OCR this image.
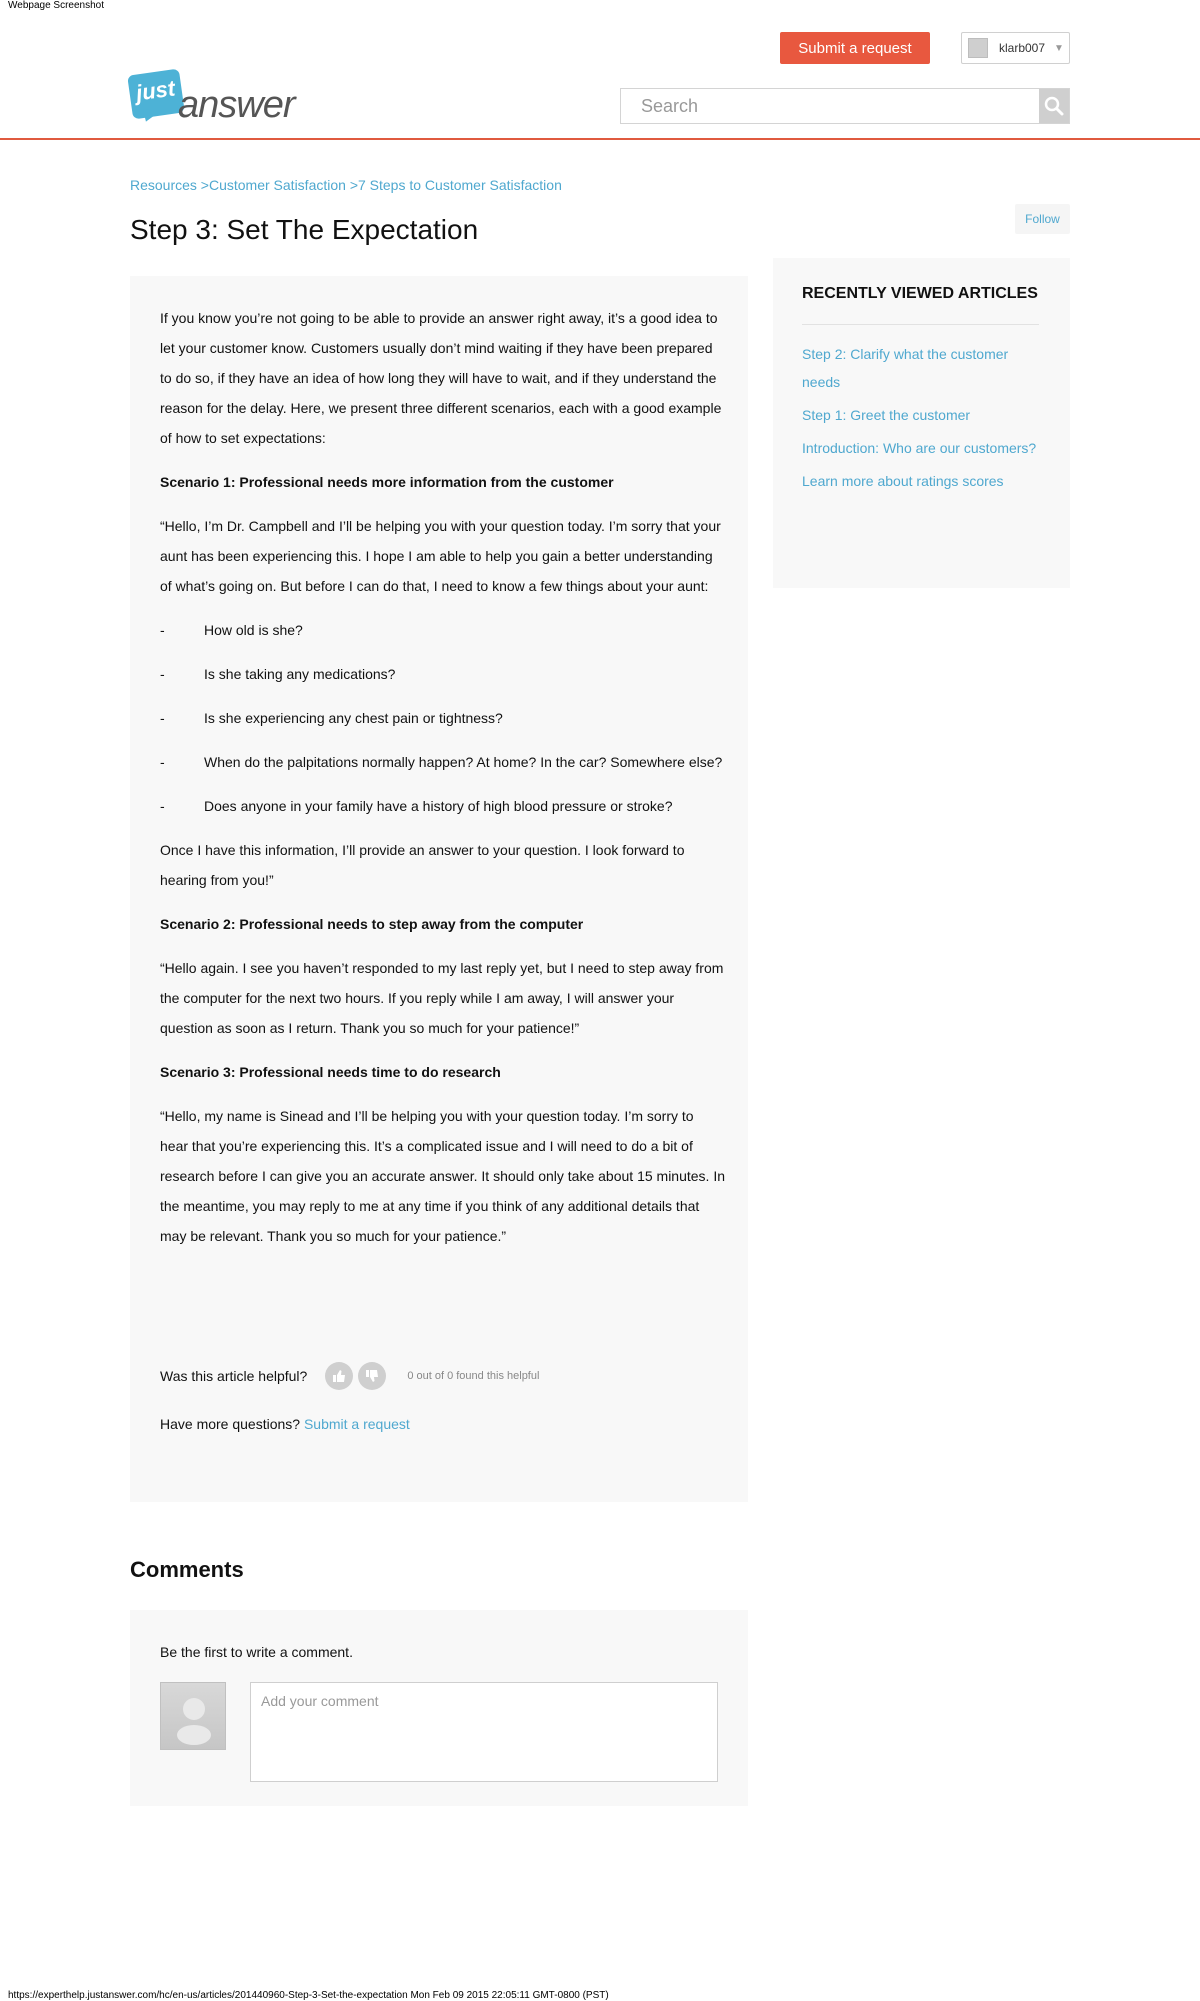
Webpage Screenshot
Submit a request	klarb007 ▼
just answer
Search
Resources >Customer Satisfaction >7 Steps to Customer Satisfaction
Step 3: Set The Expectation	Follow

If you know you’re not going to be able to provide an answer right away, it’s a good idea to let your customer know. Customers usually don’t mind waiting if they have been prepared to do so, if they have an idea of how long they will have to wait, and if they understand the reason for the delay. Here, we present three different scenarios, each with a good example of how to set expectations:

Scenario 1: Professional needs more information from the customer

“Hello, I’m Dr. Campbell and I’ll be helping you with your question today. I’m sorry that your aunt has been experiencing this. I hope I am able to help you gain a better understanding of what’s going on. But before I can do that, I need to know a few things about your aunt:

-	How old is she?

-	Is she taking any medications?

-	Is she experiencing any chest pain or tightness?

-	When do the palpitations normally happen? At home? In the car? Somewhere else?

-	Does anyone in your family have a history of high blood pressure or stroke?

Once I have this information, I’ll provide an answer to your question. I look forward to hearing from you!”

Scenario 2: Professional needs to step away from the computer

“Hello again. I see you haven’t responded to my last reply yet, but I need to step away from the computer for the next two hours. If you reply while I am away, I will answer your question as soon as I return. Thank you so much for your patience!”

Scenario 3: Professional needs time to do research

“Hello, my name is Sinead and I’ll be helping you with your question today. I’m sorry to hear that you’re experiencing this. It’s a complicated issue and I will need to do a bit of research before I can give you an accurate answer. It should only take about 15 minutes. In the meantime, you may reply to me at any time if you think of any additional details that may be relevant. Thank you so much for your patience.”

Was this article helpful?	0 out of 0 found this helpful
Have more questions? Submit a request
RECENTLY VIEWED ARTICLES
Step 2: Clarify what the customer needs
Step 1: Greet the customer
Introduction: Who are our customers?
Learn more about ratings scores
Comments

Be the first to write a comment.

Add your comment
https://experthelp.justanswer.com/hc/en-us/articles/201440960-Step-3-Set-the-expectation Mon Feb 09 2015 22:05:11 GMT-0800 (PST)
